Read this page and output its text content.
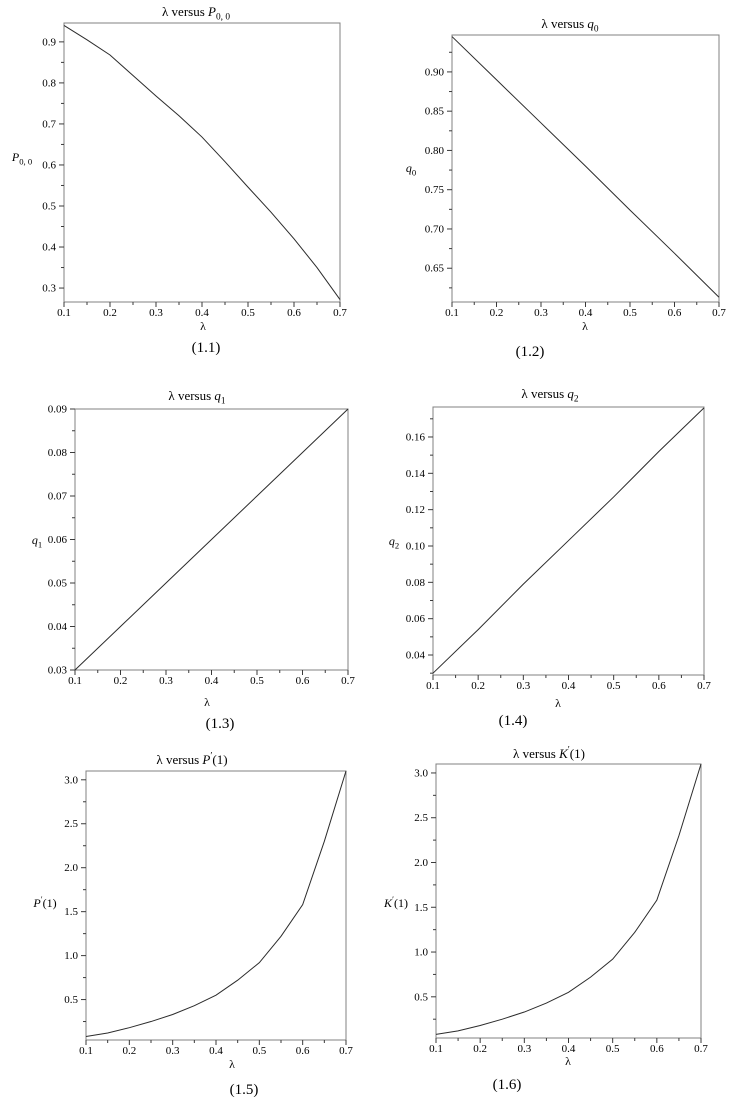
0.1	0.2	0.3	0.4	0.5	0.6	0.7
0.3
0.4
0.5
0.6
0.7
0.8
0.9
λ versus $P_{0, 0}$
$P_{0, 0}$
λ
(1.1)
0.1	0.2	0.3	0.4	0.5	0.6	0.7
0.65
0.70
0.75
0.80
0.85
0.90
λ versus $q_0$
$q_0$
λ
(1.2)
0.1	0.2	0.3	0.4	0.5	0.6	0.7
0.03
0.04
0.05
0.06
0.07
0.08
0.09
λ versus $q_1$
$q_1$
λ
(1.3)
0.1	0.2	0.3	0.4	0.5	0.6	0.7
0.04
0.06
0.08
0.10
0.12
0.14
0.16
λ versus $q_2$
$q_2$
λ
(1.4)
0.1	0.2	0.3	0.4	0.5	0.6	0.7
0.5
1.0
1.5
2.0
2.5
3.0
λ versus P′(1)
P′(1)
λ
(1.5)
0.1	0.2	0.3	0.4	0.5	0.6	0.7
0.5
1.0
1.5
2.0
2.5
3.0
λ versus K′(1)
K′(1)
λ
(1.6)
